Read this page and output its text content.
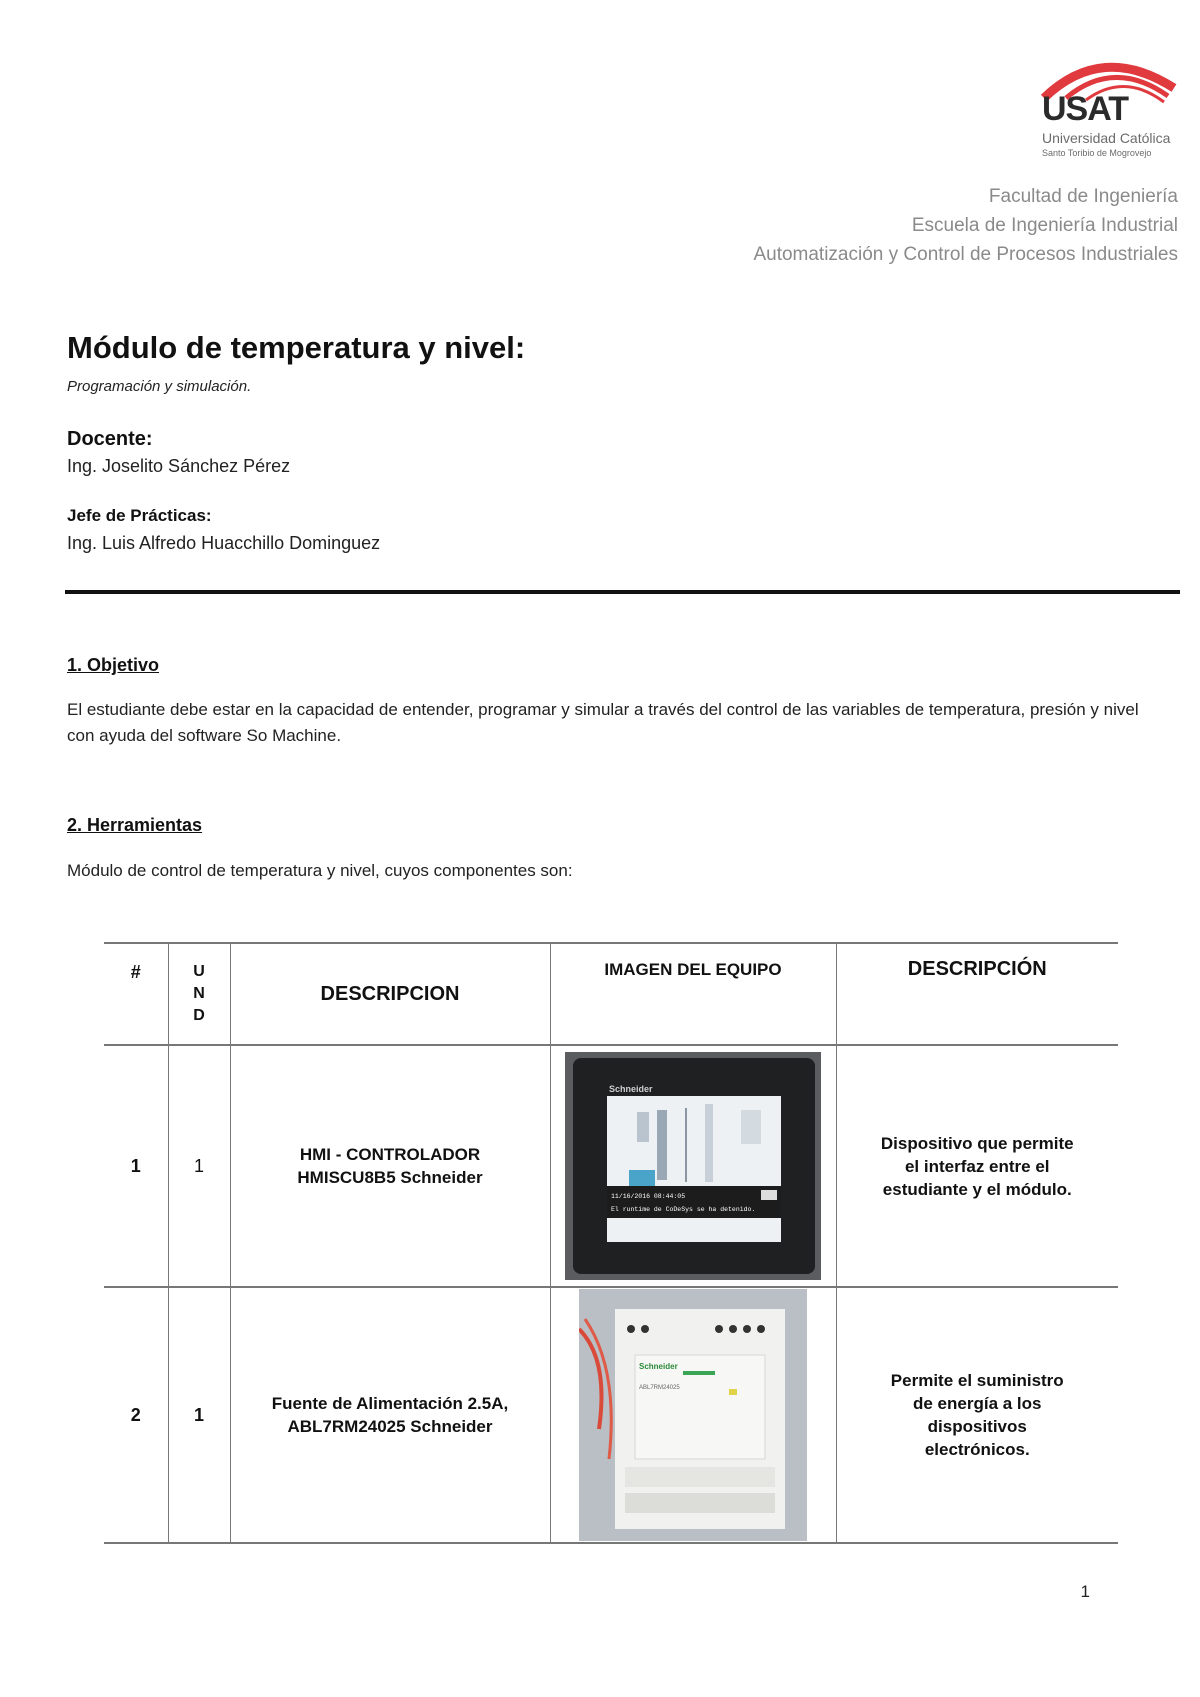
USAT
Universidad Católica
Santo Toribio de Mogrovejo
Facultad de Ingeniería
Escuela de Ingeniería Industrial
Automatización y Control de Procesos Industriales
Módulo de temperatura y nivel:
Programación y simulación.
Docente:
Ing. Joselito Sánchez Pérez
Jefe de Prácticas:
Ing. Luis Alfredo Huacchillo Dominguez
1. Objetivo
El estudiante debe estar en la capacidad de entender, programar y simular a través del control de las variables de temperatura, presión y nivel con ayuda del software So Machine.
2. Herramientas
Módulo de control de temperatura y nivel, cuyos componentes son:
#	U
N
D	DESCRIPCION	IMAGEN DEL EQUIPO	DESCRIPCIÓN
1	1	HMI - CONTROLADOR
HMISCU8B5 Schneider	Schneider
11/16/2016 08:44:05
El runtime de CoDeSys se ha detenido.	Dispositivo que permite
el interfaz entre el
estudiante y el módulo.

2	1	Fuente de Alimentación 2.5A,
ABL7RM24025 Schneider	Schneider
ABL7RM24025	Permite el suministro
de energía a los
dispositivos
electrónicos.
1
